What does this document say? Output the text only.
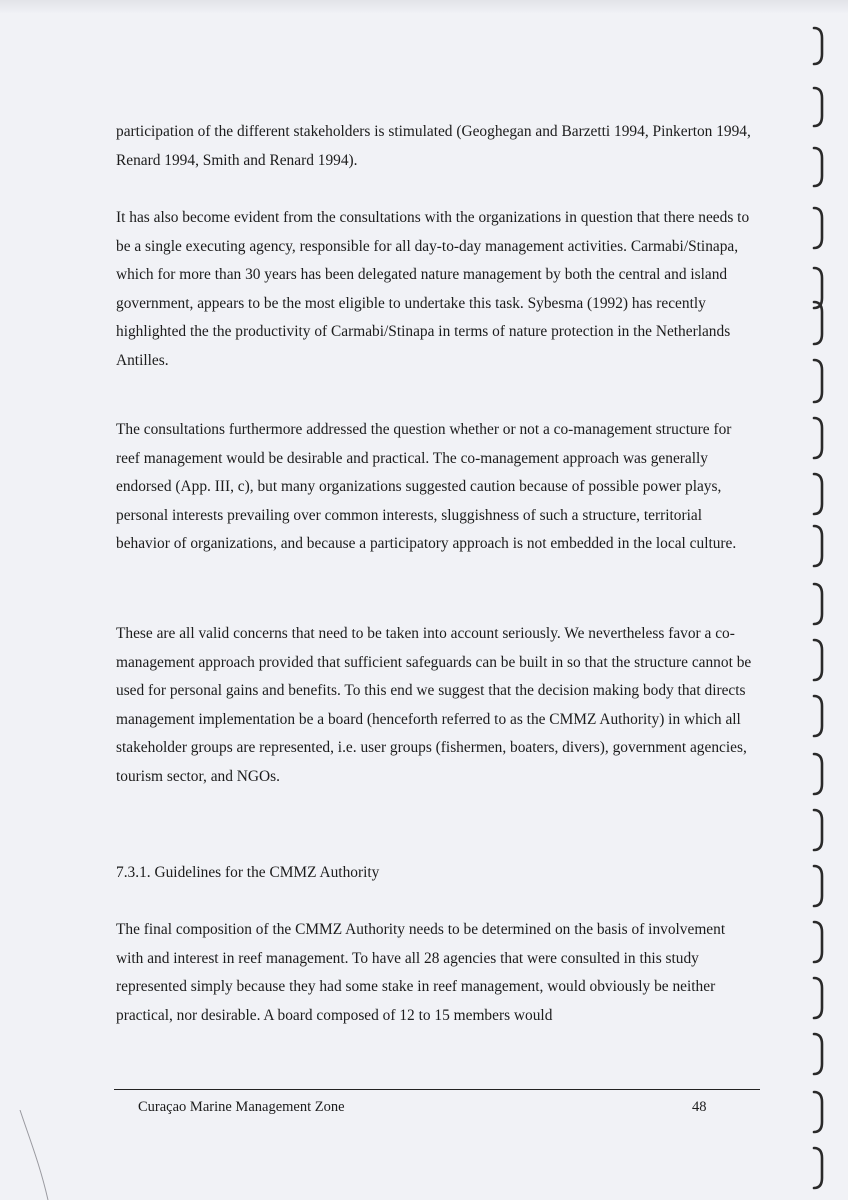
participation of the different stakeholders is stimulated (Geoghegan and Barzetti 1994, Pinkerton 1994, Renard 1994, Smith and Renard 1994).

It has also become evident from the consultations with the organizations in question that there needs to be a single executing agency, responsible for all day-to-day management activities. Carmabi/Stinapa, which for more than 30 years has been delegated nature management by both the central and island government, appears to be the most eligible to undertake this task. Sybesma (1992) has recently highlighted the the productivity of Carmabi/Stinapa in terms of nature protection in the Netherlands Antilles.

The consultations furthermore addressed the question whether or not a co-management structure for reef management would be desirable and practical. The co-management approach was generally endorsed (App. III, c), but many organizations suggested caution because of possible power plays, personal interests prevailing over common interests, sluggishness of such a structure, territorial behavior of organizations, and because a participatory approach is not embedded in the local culture.

These are all valid concerns that need to be taken into account seriously. We nevertheless favor a co-management approach provided that sufficient safeguards can be built in so that the structure cannot be used for personal gains and benefits. To this end we suggest that the decision making body that directs management implementation be a board (henceforth referred to as the CMMZ Authority) in which all stakeholder groups are represented, i.e. user groups (fishermen, boaters, divers), government agencies, tourism sector, and NGOs.

7.3.1. Guidelines for the CMMZ Authority

The final composition of the CMMZ Authority needs to be determined on the basis of involvement with and interest in reef management. To have all 28 agencies that were consulted in this study represented simply because they had some stake in reef management, would obviously be neither practical, nor desirable. A board composed of 12 to 15 members would

Curaçao Marine Management Zone	48
